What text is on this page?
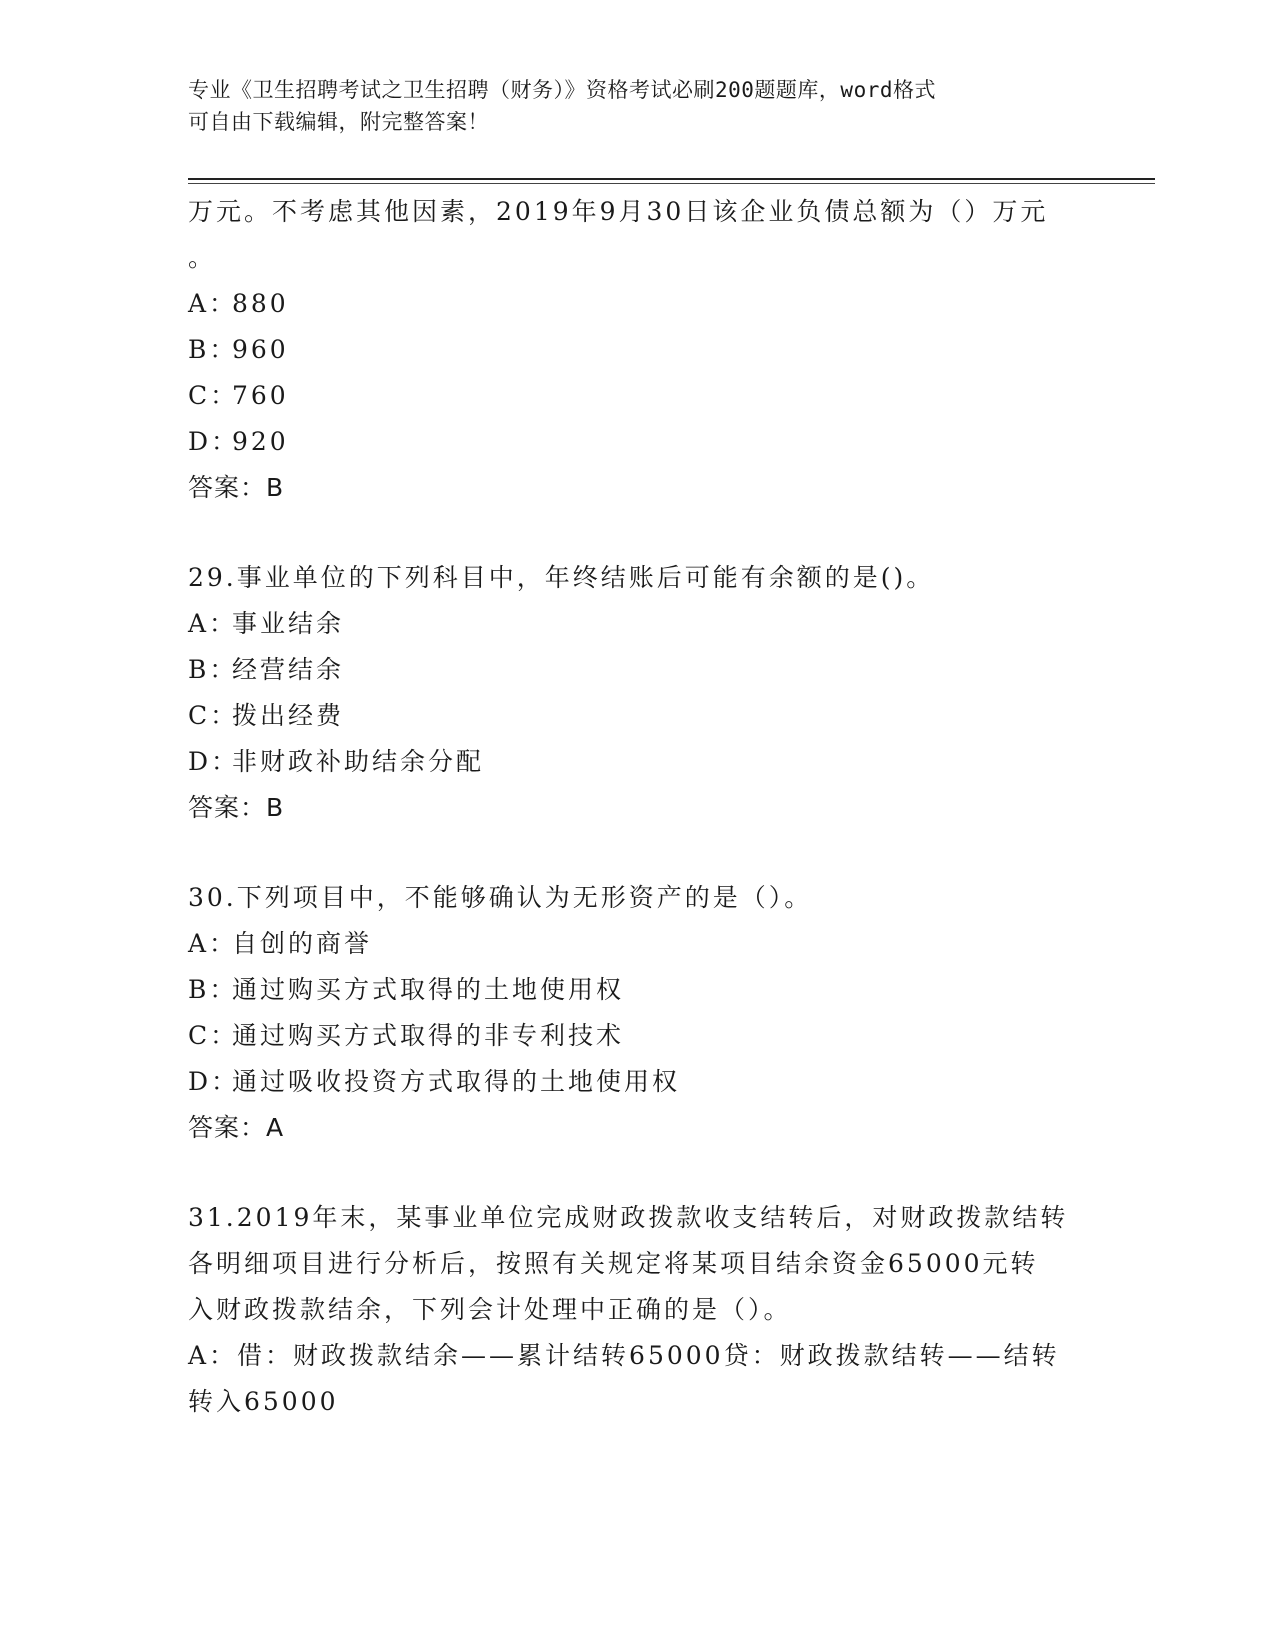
专业《卫生招聘考试之卫生招聘（财务）》资格考试必刷200题题库，word格式
可自由下载编辑，附完整答案！
万元。不考虑其他因素，2019年9月30日该企业负债总额为（）万元
。
A：880
B：960
C：760
D：920
答案：B
29.事业单位的下列科目中，年终结账后可能有余额的是()。
A：事业结余
B：经营结余
C：拨出经费
D：非财政补助结余分配
答案：B
30.下列项目中，不能够确认为无形资产的是（）。
A：自创的商誉
B：通过购买方式取得的土地使用权
C：通过购买方式取得的非专利技术
D：通过吸收投资方式取得的土地使用权
答案：A
31.2019年末，某事业单位完成财政拨款收支结转后，对财政拨款结转
各明细项目进行分析后，按照有关规定将某项目结余资金65000元转
入财政拨款结余，下列会计处理中正确的是（）。
A：借：财政拨款结余——累计结转65000贷：财政拨款结转——结转
转入65000
